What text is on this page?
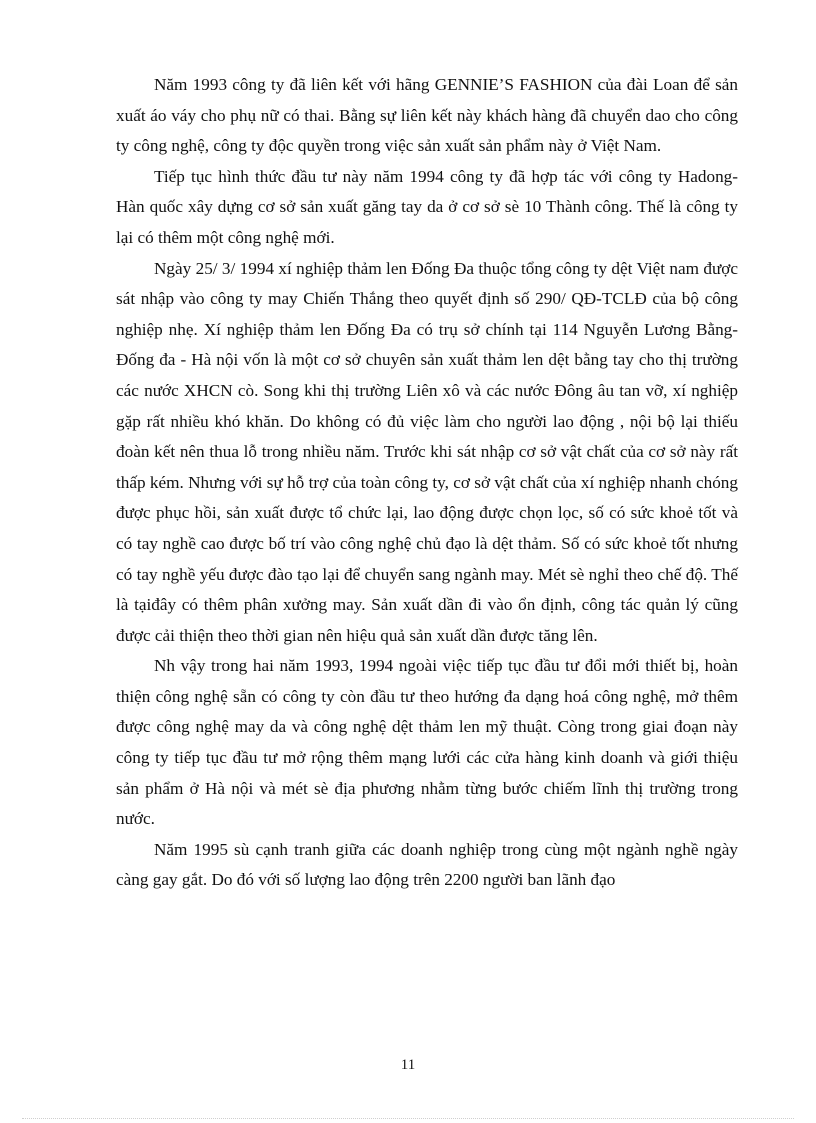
Năm 1993 công ty đã liên kết với hãng GENNIE’S FASHION của đài Loan để sản xuất áo váy cho phụ nữ có thai. Bằng sự liên kết này khách hàng đã chuyển dao cho công ty công nghệ, công ty độc quyền trong việc sản xuất sản phẩm này ở Việt Nam.

Tiếp tục hình thức đầu tư này năm 1994 công ty đã hợp tác với công ty Hadong- Hàn quốc xây dựng cơ sở sản xuất găng tay da ở cơ sở sè 10 Thành công. Thế là công ty lại có thêm một công nghệ mới.

Ngày 25/ 3/ 1994 xí nghiệp thảm len Đống Đa thuộc tổng công ty dệt Việt nam được sát nhập vào công ty may Chiến Thắng theo quyết định số 290/ QĐ-TCLĐ của bộ công nghiệp nhẹ. Xí nghiệp thảm len Đống Đa có trụ sở chính tại 114 Nguyễn Lương Bằng- Đống đa - Hà nội vốn là một cơ sở chuyên sản xuất thảm len dệt bằng tay cho thị trường các nước XHCN cò. Song khi thị trường Liên xô và các nước Đông âu tan vỡ, xí nghiệp gặp rất nhiều khó khăn. Do không có đủ việc làm cho người lao động , nội bộ lại thiếu đoàn kết nên thua lỗ trong nhiều năm. Trước khi sát nhập cơ sở vật chất của cơ sở này rất thấp kém. Nhưng với sự hỗ trợ của toàn công ty, cơ sở vật chất của xí nghiệp nhanh chóng được phục hồi, sản xuất được tổ chức lại, lao động được chọn lọc, số có sức khoẻ tốt và có tay nghề cao được bố trí vào công nghệ chủ đạo là dệt thảm. Số có sức khoẻ tốt nhưng có tay nghề yếu được đào tạo lại để chuyển sang ngành may. Mét sè nghỉ theo chế độ. Thế là tạiđây có thêm phân xưởng may. Sản xuất dần đi vào ổn định, công tác quản lý cũng được cải thiện theo thời gian nên hiệu quả sản xuất dần được tăng lên.

Nh vậy trong hai năm 1993, 1994 ngoài việc tiếp tục đầu tư đổi mới thiết bị, hoàn thiện công nghệ sẵn có công ty còn đầu tư theo hướng đa dạng hoá công nghệ, mở thêm được công nghệ may da và công nghệ dệt thảm len mỹ thuật. Còng trong giai đoạn này công ty tiếp tục đầu tư mở rộng thêm mạng lưới các cửa hàng kinh doanh và giới thiệu sản phẩm ở Hà nội và mét sè địa phương nhằm từng bước chiếm lĩnh thị trường trong nước.

Năm 1995 sù cạnh tranh giữa các doanh nghiệp trong cùng một ngành nghề ngày càng gay gắt. Do đó với số lượng lao động trên 2200 người ban lãnh đạo

11
